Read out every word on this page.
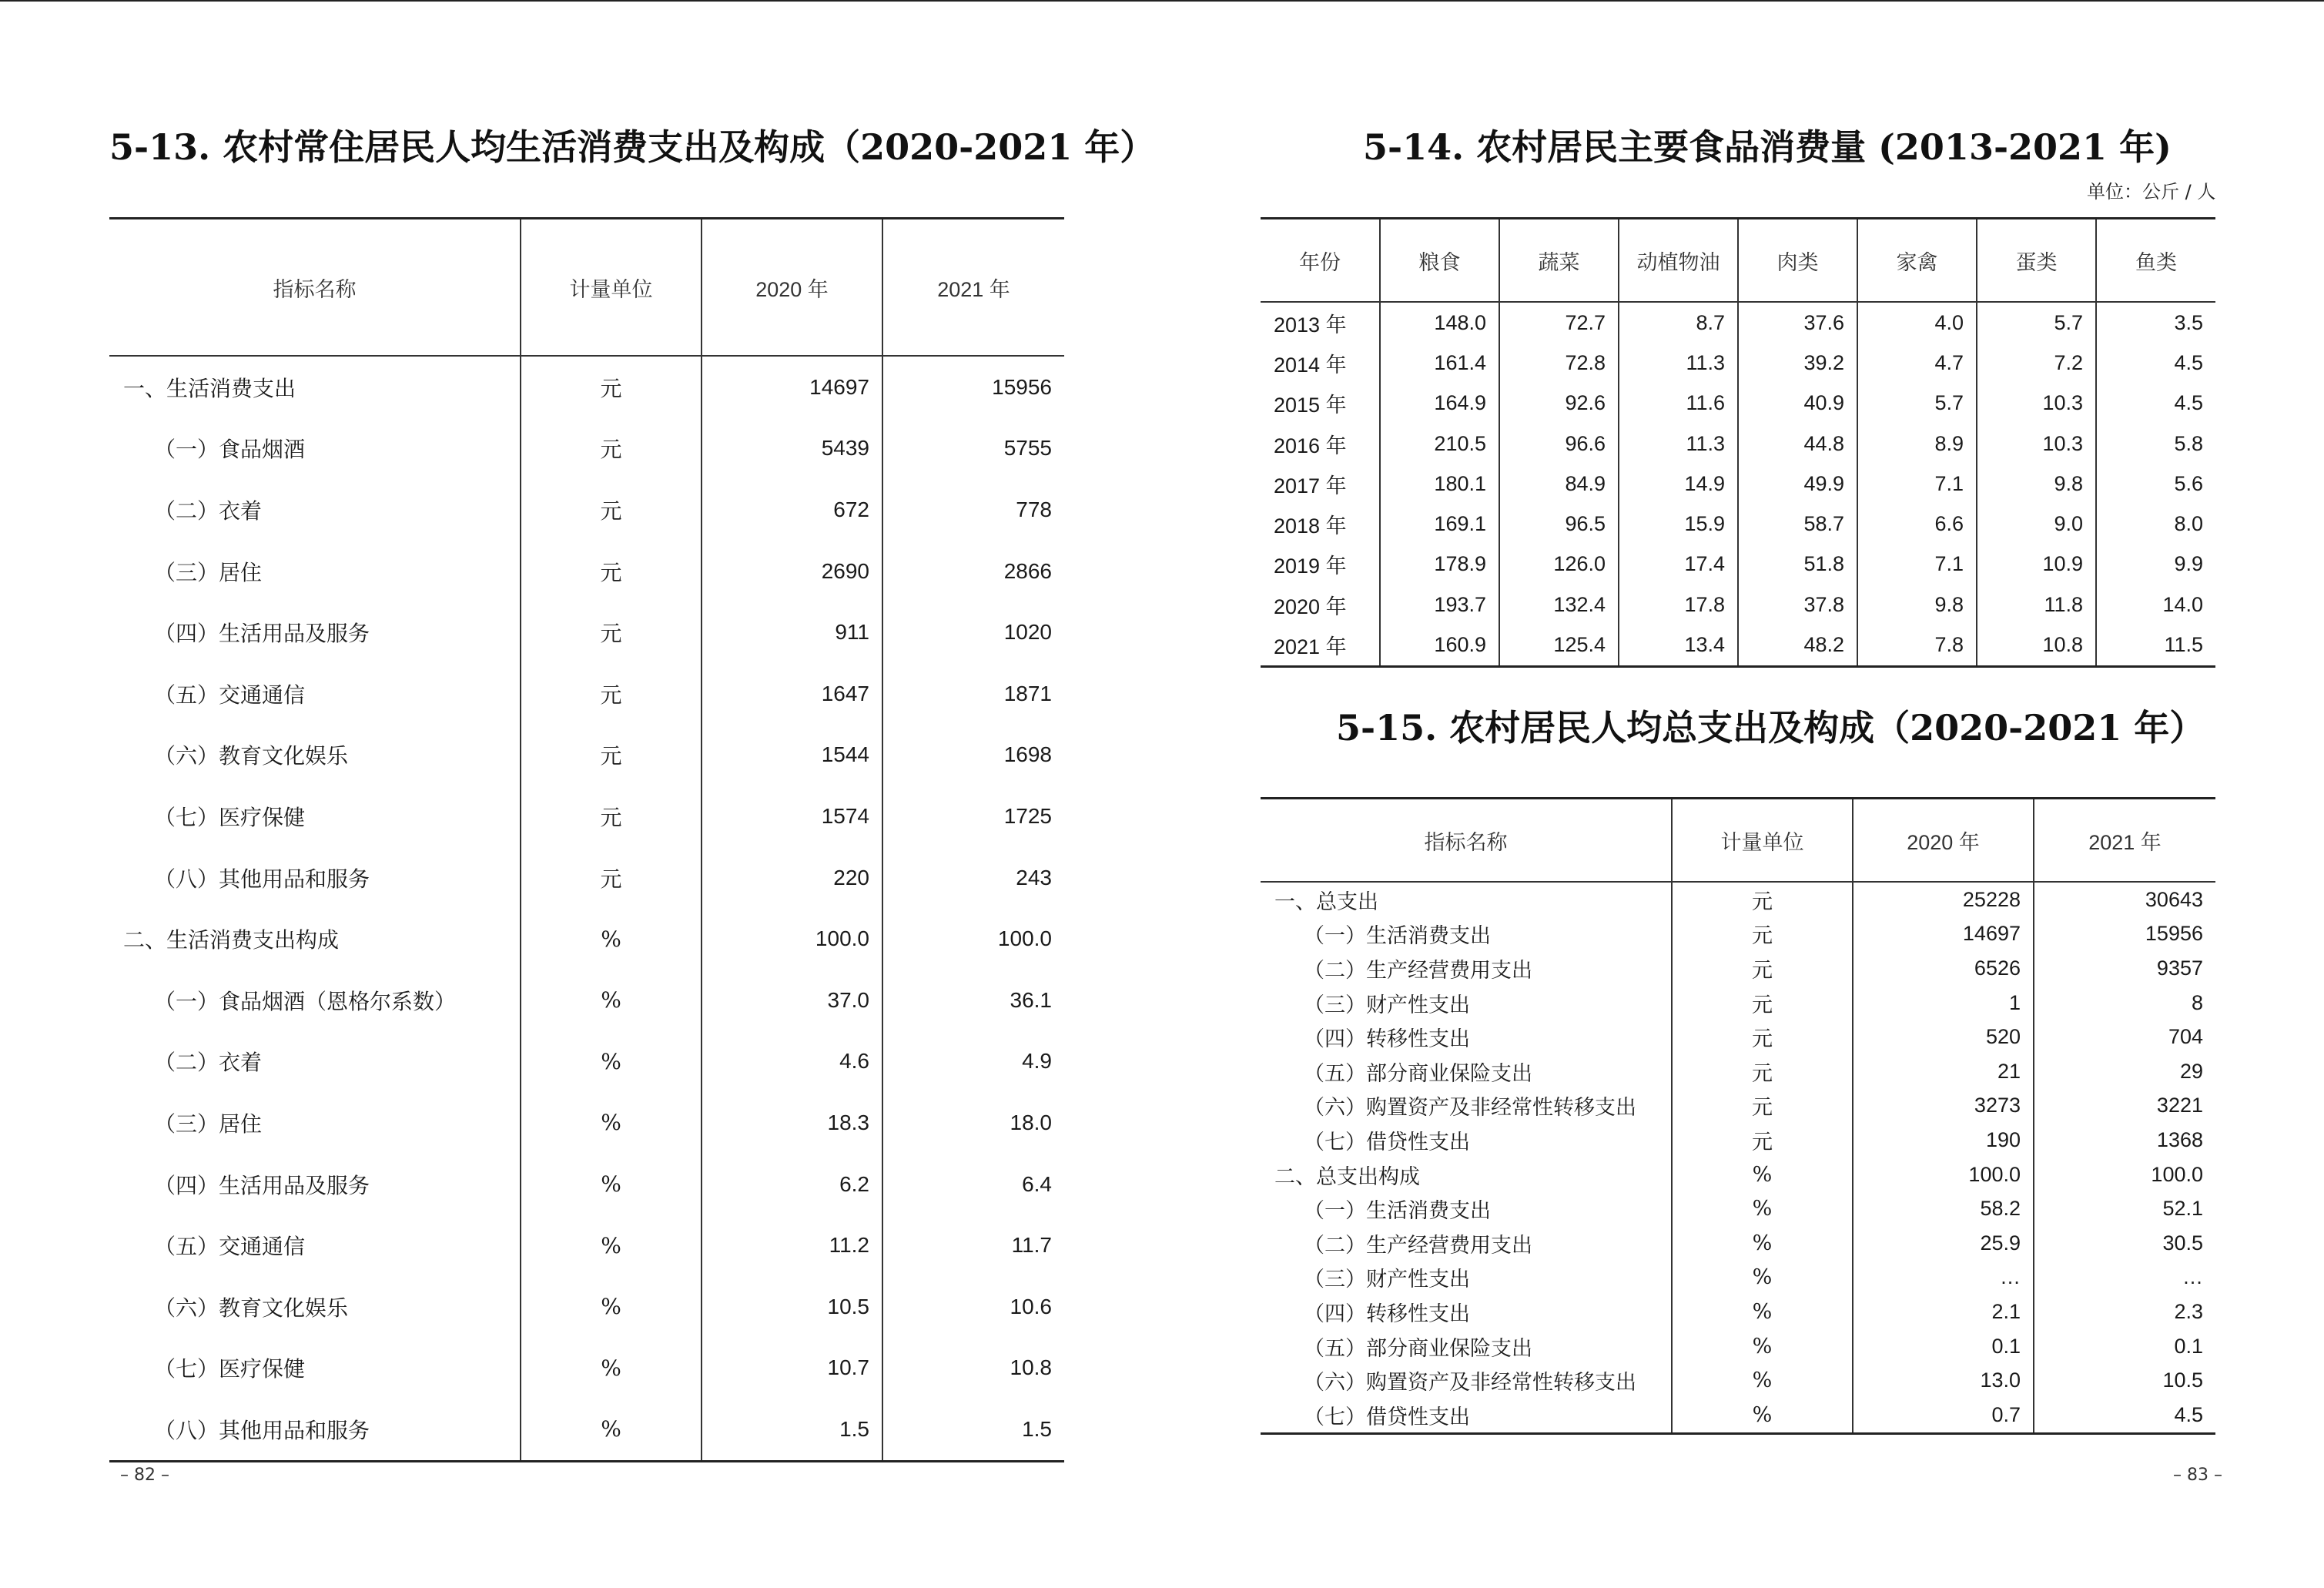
5-13. 农村常住居民人均生活消费支出及构成（2020-2021 年）
指标名称	计量单位	2020 年	2021 年
一、生活消费支出	元	14697	15956
（一）食品烟酒	元	5439	5755
（二）衣着	元	672	778
（三）居住	元	2690	2866
（四）生活用品及服务	元	911	1020
（五）交通通信	元	1647	1871
（六）教育文化娱乐	元	1544	1698
（七）医疗保健	元	1574	1725
（八）其他用品和服务	元	220	243
二、生活消费支出构成	%	100.0	100.0
（一）食品烟酒（恩格尔系数）	%	37.0	36.1
（二）衣着	%	4.6	4.9
（三）居住	%	18.3	18.0
（四）生活用品及服务	%	6.2	6.4
（五）交通通信	%	11.2	11.7
（六）教育文化娱乐	%	10.5	10.6
（七）医疗保健	%	10.7	10.8
（八）其他用品和服务	%	1.5	1.5
– 82 –
5-14. 农村居民主要食品消费量 (2013-2021 年)
单位：公斤 / 人
年份	粮食	蔬菜	动植物油	肉类	家禽	蛋类	鱼类
2013 年	148.0	72.7	8.7	37.6	4.0	5.7	3.5
2014 年	161.4	72.8	11.3	39.2	4.7	7.2	4.5
2015 年	164.9	92.6	11.6	40.9	5.7	10.3	4.5
2016 年	210.5	96.6	11.3	44.8	8.9	10.3	5.8
2017 年	180.1	84.9	14.9	49.9	7.1	9.8	5.6
2018 年	169.1	96.5	15.9	58.7	6.6	9.0	8.0
2019 年	178.9	126.0	17.4	51.8	7.1	10.9	9.9
2020 年	193.7	132.4	17.8	37.8	9.8	11.8	14.0
2021 年	160.9	125.4	13.4	48.2	7.8	10.8	11.5
5-15. 农村居民人均总支出及构成（2020-2021 年）
指标名称	计量单位	2020 年	2021 年
一、总支出	元	25228	30643
（一）生活消费支出	元	14697	15956
（二）生产经营费用支出	元	6526	9357
（三）财产性支出	元	1	8
（四）转移性支出	元	520	704
（五）部分商业保险支出	元	21	29
（六）购置资产及非经常性转移支出	元	3273	3221
（七）借贷性支出	元	190	1368
二、总支出构成	%	100.0	100.0
（一）生活消费支出	%	58.2	52.1
（二）生产经营费用支出	%	25.9	30.5
（三）财产性支出	%	…	…
（四）转移性支出	%	2.1	2.3
（五）部分商业保险支出	%	0.1	0.1
（六）购置资产及非经常性转移支出	%	13.0	10.5
（七）借贷性支出	%	0.7	4.5
– 83 –
